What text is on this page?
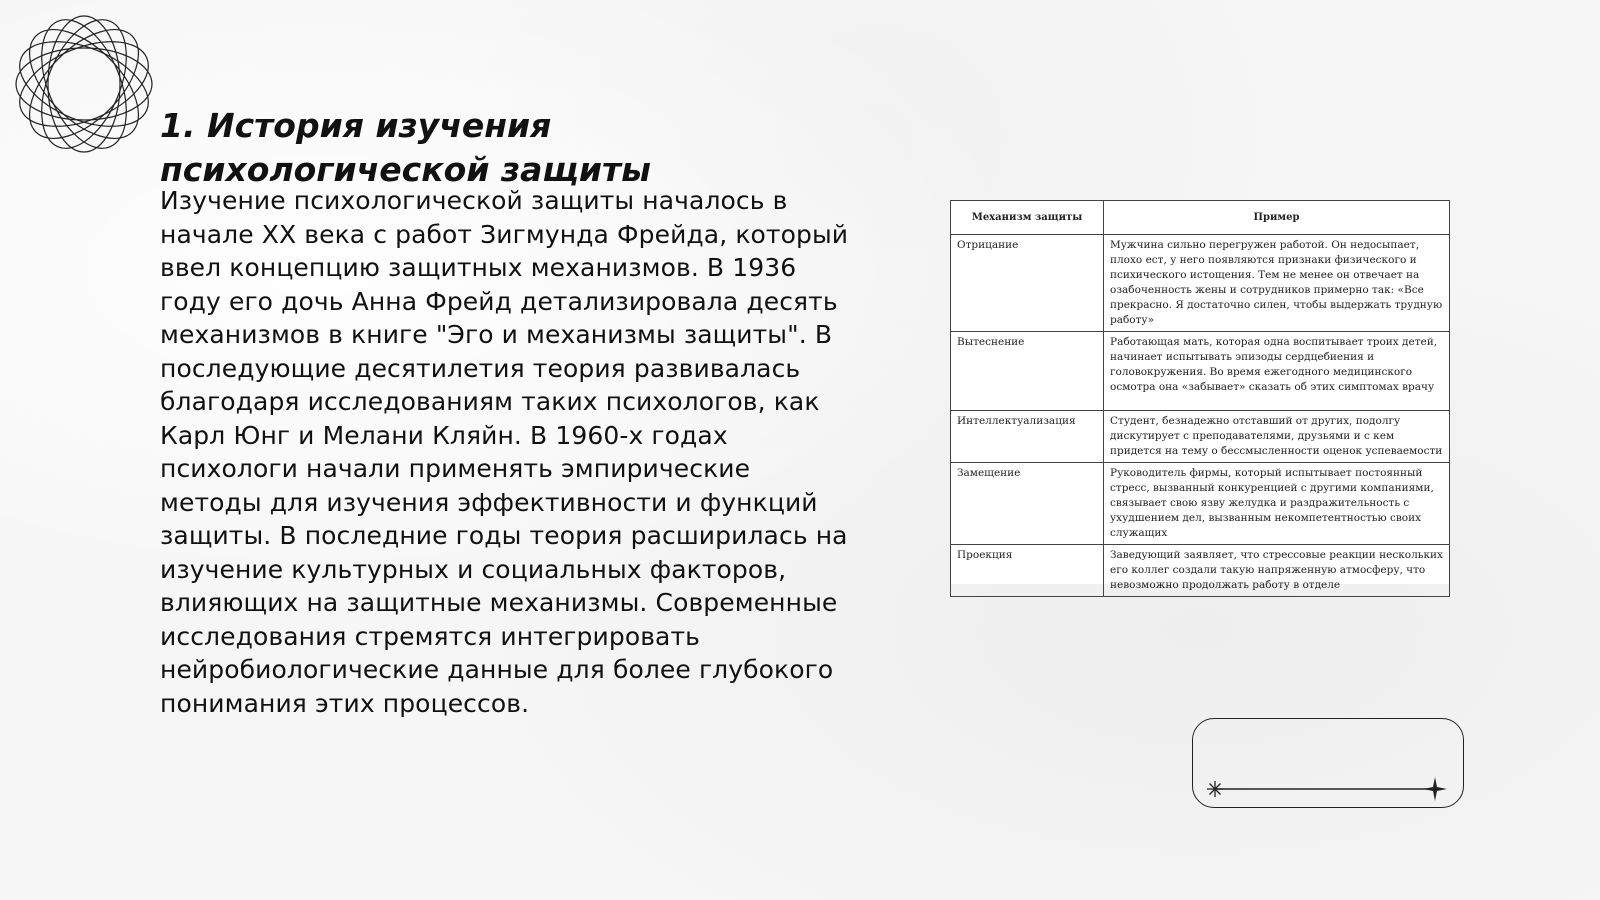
1. История изучения психологической защиты

Изучение психологической защиты началось в начале XX века с работ Зигмунда Фрейда, который ввел концепцию защитных механизмов. В 1936 году его дочь Анна Фрейд детализировала десять механизмов в книге "Эго и механизмы защиты". В последующие десятилетия теория развивалась благодаря исследованиям таких психологов, как Карл Юнг и Мелани Кляйн. В 1960-х годах психологи начали применять эмпирические методы для изучения эффективности и функций защиты. В последние годы теория расширилась на изучение культурных и социальных факторов, влияющих на защитные механизмы. Современные исследования стремятся интегрировать нейробиологические данные для более глубокого понимания этих процессов.

Механизм защиты	Пример
Отрицание	Мужчина сильно перегружен работой. Он недосыпает, плохо ест, у него появляются признаки физического и психического истощения. Тем не менее он отвечает на озабоченность жены и сотрудников примерно так: «Все прекрасно. Я достаточно силен, чтобы выдержать трудную работу»
Вытеснение	Работающая мать, которая одна воспитывает троих детей, начинает испытывать эпизоды сердцебиения и головокружения. Во время ежегодного медицинского осмотра она «забывает» сказать об этих симптомах врачу
Интеллектуализация	Студент, безнадежно отставший от других, подолгу дискутирует с преподавателями, друзьями и с кем придется на тему о бессмысленности оценок успеваемости
Замещение	Руководитель фирмы, который испытывает постоянный стресс, вызванный конкуренцией с другими компаниями, связывает свою язву желудка и раздражительность с ухудшением дел, вызванным некомпетентностью своих служащих
Проекция	Заведующий заявляет, что стрессовые реакции нескольких его коллег создали такую напряженную атмосферу, что невозможно продолжать работу в отделе
